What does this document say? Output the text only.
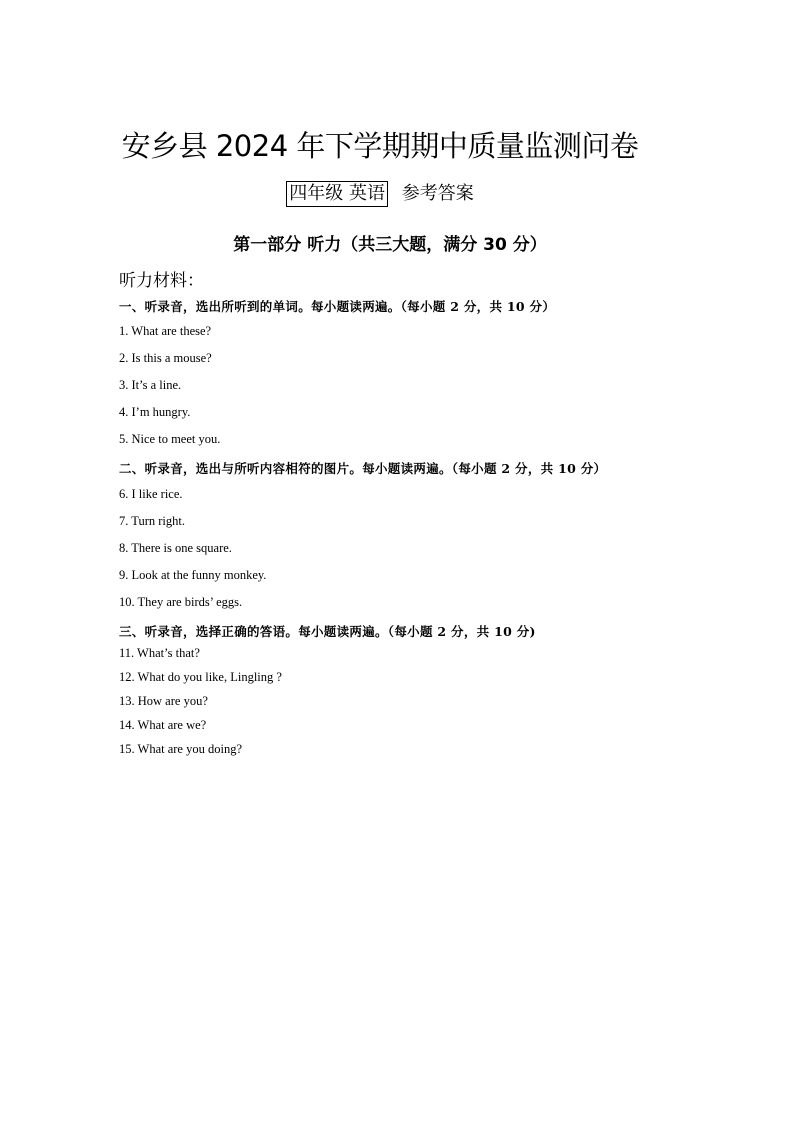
安乡县 2024 年下学期期中质量监测问卷
四年级 英语 参考答案
第一部分 听力（共三大题，满分 30 分）
听力材料：
一、听录音，选出所听到的单词。每小题读两遍。（每小题 2 分，共 10 分）
1. What are these?
2. Is this a mouse?
3. It’s a line.
4. I’m hungry.
5. Nice to meet you.
二、听录音，选出与所听内容相符的图片。每小题读两遍。（每小题 2 分，共 10 分）
6. I like rice.
7. Turn right.
8. There is one square.
9. Look at the funny monkey.
10. They are birds’ eggs.
三、听录音，选择正确的答语。每小题读两遍。（每小题 2 分，共 10 分)
11. What’s that?
12. What do you like, Lingling ?
13. How are you?
14. What are we?
15. What are you doing?
